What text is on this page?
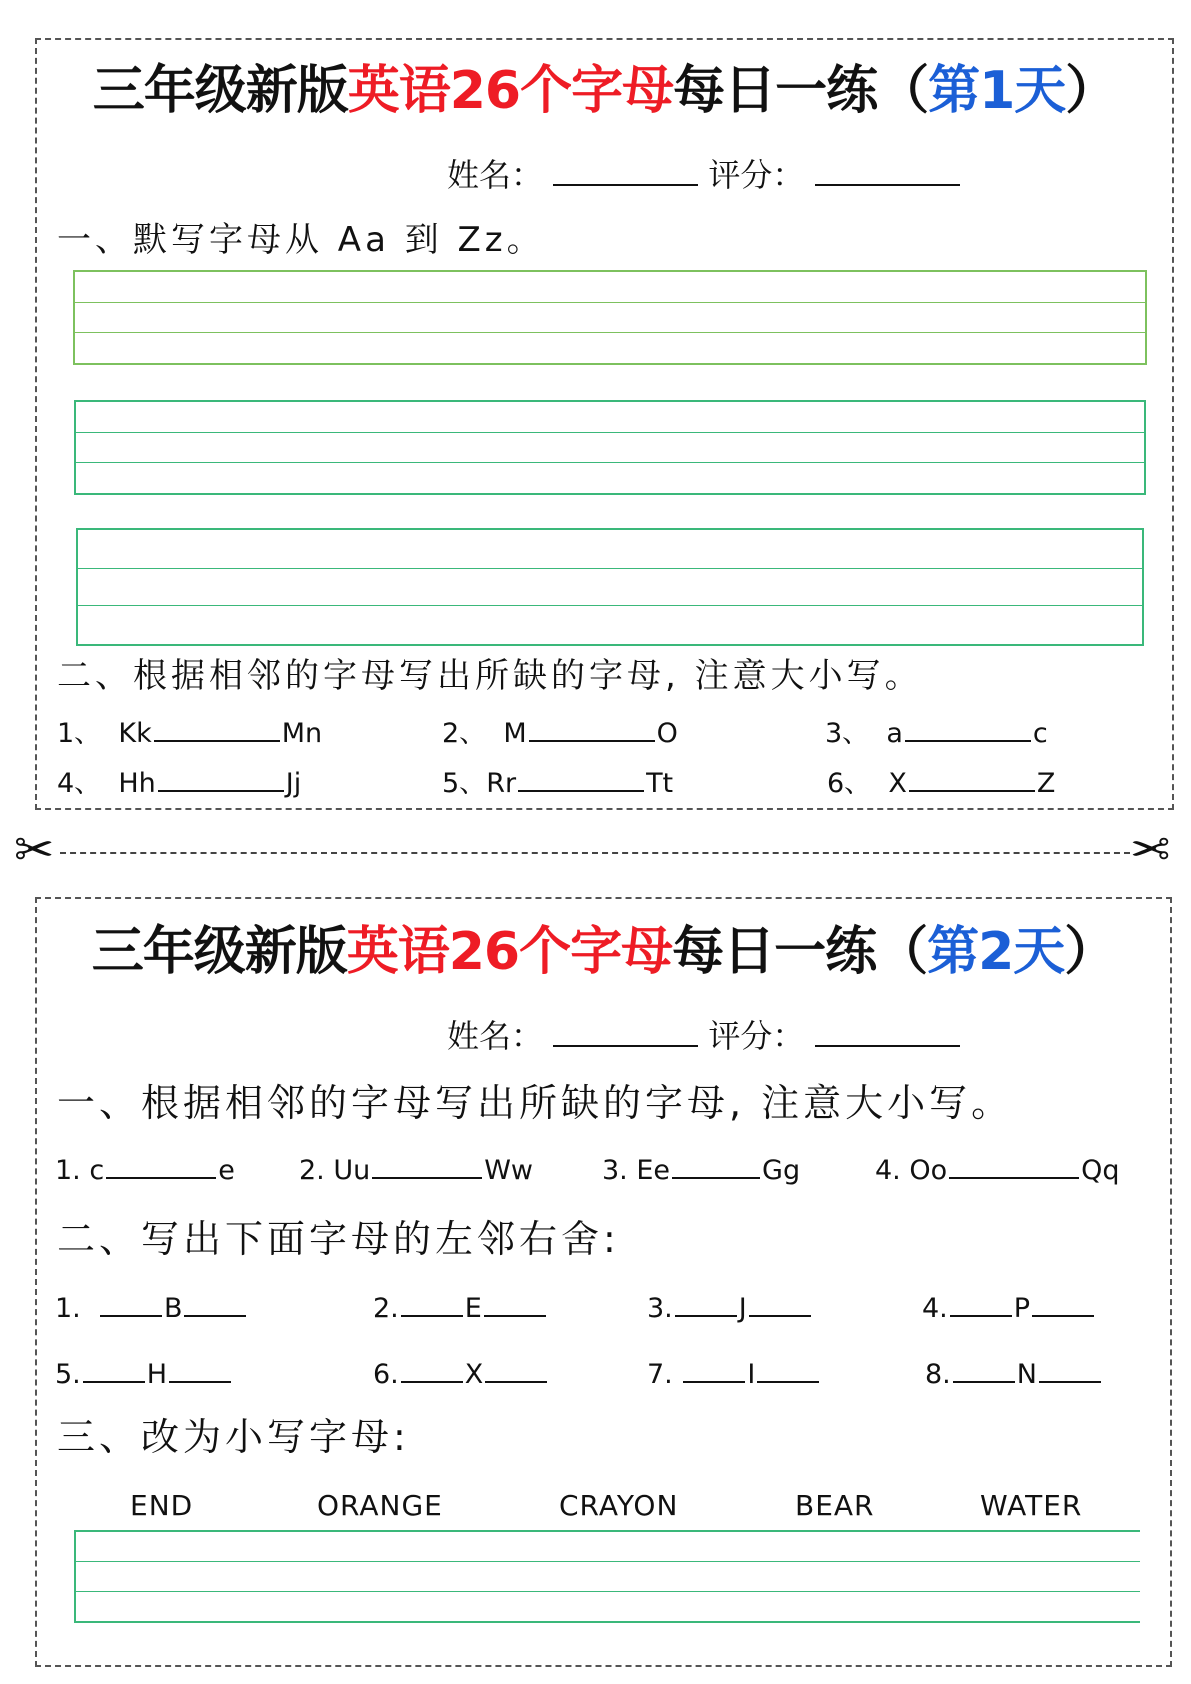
三年级新版英语26个字母每日一练（第1天）
姓名：	评分：
一、默写字母从 Aa 到 Zz。
二、根据相邻的字母写出所缺的字母, 注意大小写。
1、 Kk	Mn	2、 M	O	3、 a	c
4、 Hh	Jj	5、Rr	Tt	6、 X	Z
✂	✂
三年级新版英语26个字母每日一练（第2天）
姓名：	评分：
一、根据相邻的字母写出所缺的字母, 注意大小写。
1. c	e 2. Uu	Ww	3. Ee	Gg	4. Oo	Qq
二、写出下面字母的左邻右舍:
1.	B	2. E	3. J	4. P
5. H	6. X	7.	I	8. N
三、改为小写字母:
END	ORANGE	CRAYON	BEAR	WATER
